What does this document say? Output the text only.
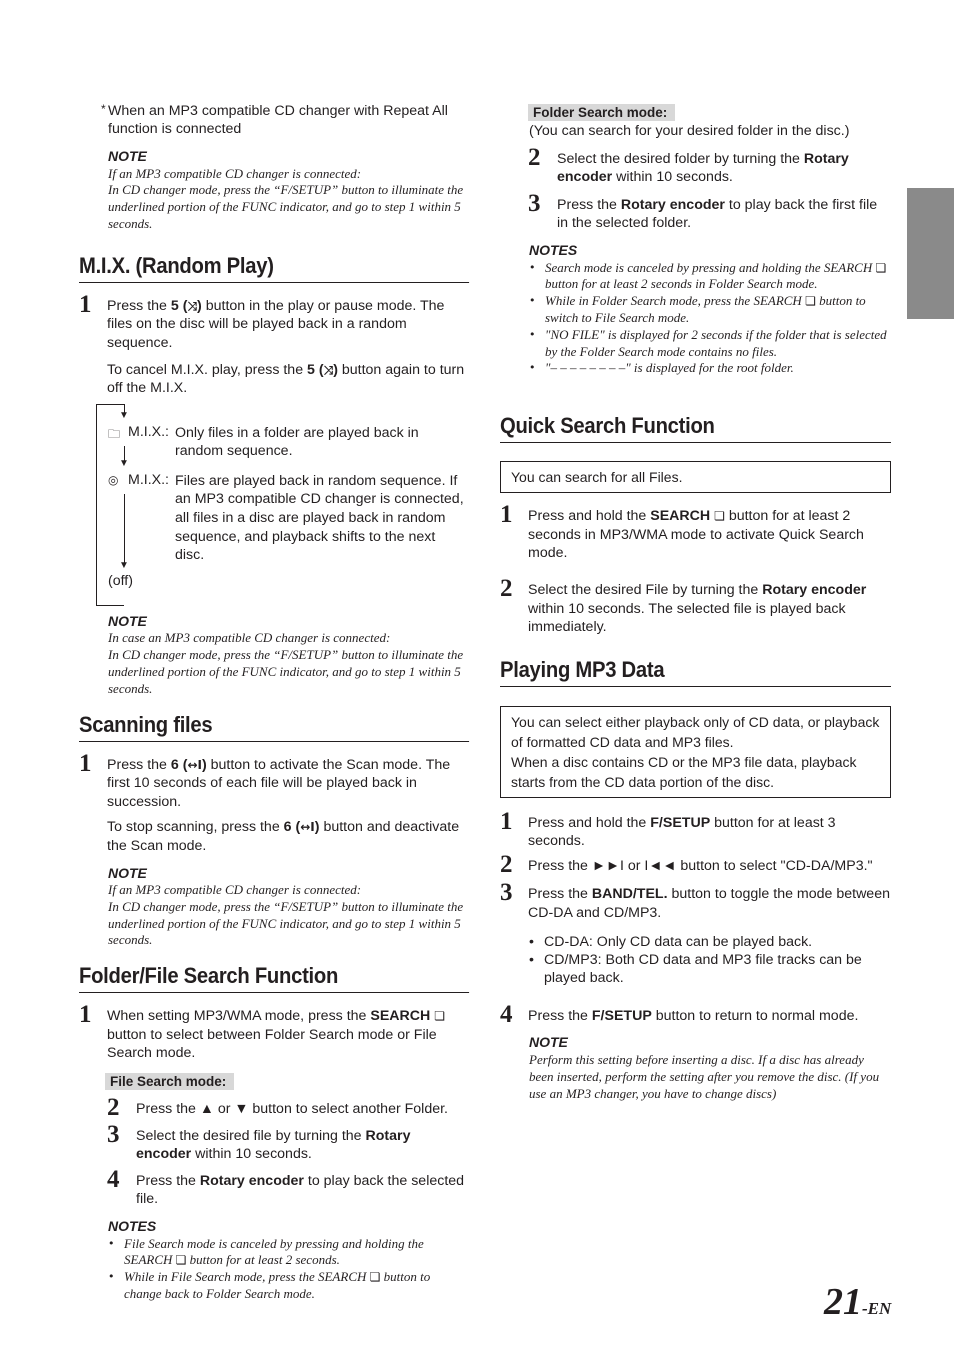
* When an MP3 compatible CD changer with Repeat All function is connected

NOTE

If an MP3 compatible CD changer is connected:

In CD changer mode, press the “F/SETUP” button to illuminate the underlined portion of the FUNC indicator, and go to step 1 within 5 seconds.

M.I.X. (Random Play)
1 Press the 5 (⤨) button in the play or pause mode. The files on the disc will be played back in a random sequence.

To cancel M.I.X. play, press the 5 (⤨) button again to turn off the M.I.X.

▼
▼
▼
🗀 M.I.X.: Only files in a folder are played back in random sequence.

◎ M.I.X.: Files are played back in random sequence. If an MP3 compatible CD changer is connected, all files in a disc are played back in random sequence, and playback shifts to the next disc.

(off)

NOTE

In case an MP3 compatible CD changer is connected:

In CD changer mode, press the “F/SETUP” button to illuminate the underlined portion of the FUNC indicator, and go to step 1 within 5 seconds.

Scanning files
1 Press the 6 (↔I) button to activate the Scan mode. The first 10 seconds of each file will be played back in succession.

To stop scanning, press the 6 (↔I) button and deactivate the Scan mode.

NOTE

If an MP3 compatible CD changer is connected:

In CD changer mode, press the “F/SETUP” button to illuminate the underlined portion of the FUNC indicator, and go to step 1 within 5 seconds.

Folder/File Search Function
1 When setting MP3/WMA mode, press the SEARCH ❏ button to select between Folder Search mode or File Search mode.

File Search mode:
2 Press the ▲ or ▼ button to select another Folder.

3 Select the desired file by turning the Rotary encoder within 10 seconds.

4 Press the Rotary encoder to play back the selected file.

NOTES

• File Search mode is canceled by pressing and holding the SEARCH ❏ button for at least 2 seconds.
• While in File Search mode, press the SEARCH ❏ button to change back to Folder Search mode.
Folder Search mode:

(You can search for your desired folder in the disc.)

2 Select the desired folder by turning the Rotary encoder within 10 seconds.

3 Press the Rotary encoder to play back the first file in the selected folder.

NOTES

• Search mode is canceled by pressing and holding the SEARCH ❏ button for at least 2 seconds in Folder Search mode.
• While in Folder Search mode, press the SEARCH ❏ button to switch to File Search mode.
• "NO FILE" is displayed for 2 seconds if the folder that is selected by the Folder Search mode contains no files.
• "– – – – – – – –" is displayed for the root folder.
Quick Search Function
You can search for all Files.
1 Press and hold the SEARCH ❏ button for at least 2 seconds in MP3/WMA mode to activate Quick Search mode.

2 Select the desired File by turning the Rotary encoder within 10 seconds. The selected file is played back immediately.

Playing MP3 Data

You can select either playback only of CD data, or playback of formatted CD data and MP3 files.

When a disc contains CD or the MP3 file data, playback starts from the CD data portion of the disc.

1 Press and hold the F/SETUP button for at least 3 seconds.

2 Press the ►►I or I◄◄ button to select "CD-DA/MP3."

3 Press the BAND/TEL. button to toggle the mode between CD-DA and CD/MP3.

• CD-DA: Only CD data can be played back.
• CD/MP3: Both CD data and MP3 file tracks can be played back.
4 Press the F/SETUP button to return to normal mode.

NOTE

Perform this setting before inserting a disc. If a disc has already been inserted, perform the setting after you remove the disc. (If you use an MP3 changer, you have to change discs)

21-EN
